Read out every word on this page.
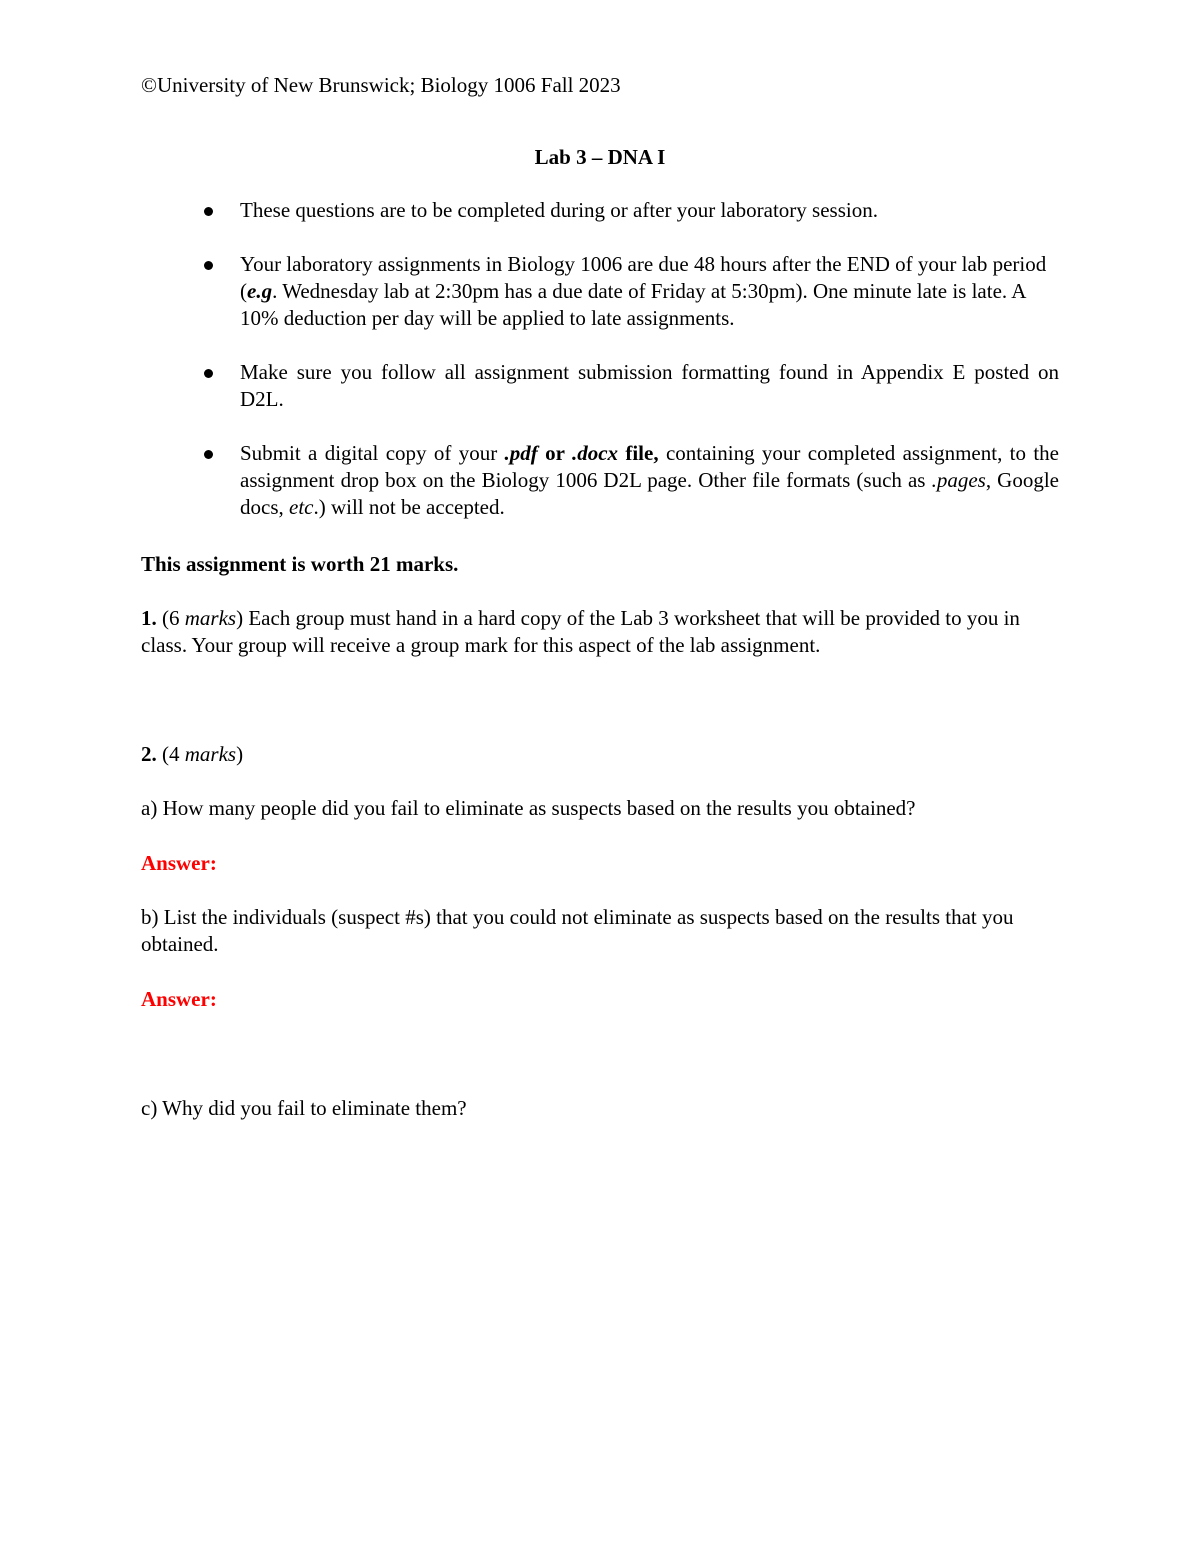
©University of New Brunswick; Biology 1006 Fall 2023
Lab 3 – DNA I
These questions are to be completed during or after your laboratory session.
Your laboratory assignments in Biology 1006 are due 48 hours after the END of your lab period (e.g. Wednesday lab at 2:30pm has a due date of Friday at 5:30pm). One minute late is late. A 10% deduction per day will be applied to late assignments.
Make sure you follow all assignment submission formatting found in Appendix E posted on D2L.
Submit a digital copy of your .pdf or .docx file, containing your completed assignment, to the assignment drop box on the Biology 1006 D2L page. Other file formats (such as .pages, Google docs, etc.) will not be accepted.
This assignment is worth 21 marks.
1. (6 marks) Each group must hand in a hard copy of the Lab 3 worksheet that will be provided to you in class. Your group will receive a group mark for this aspect of the lab assignment.
2. (4 marks)
a) How many people did you fail to eliminate as suspects based on the results you obtained?
Answer:
b) List the individuals (suspect #s) that you could not eliminate as suspects based on the results that you obtained.
Answer:
c) Why did you fail to eliminate them?
